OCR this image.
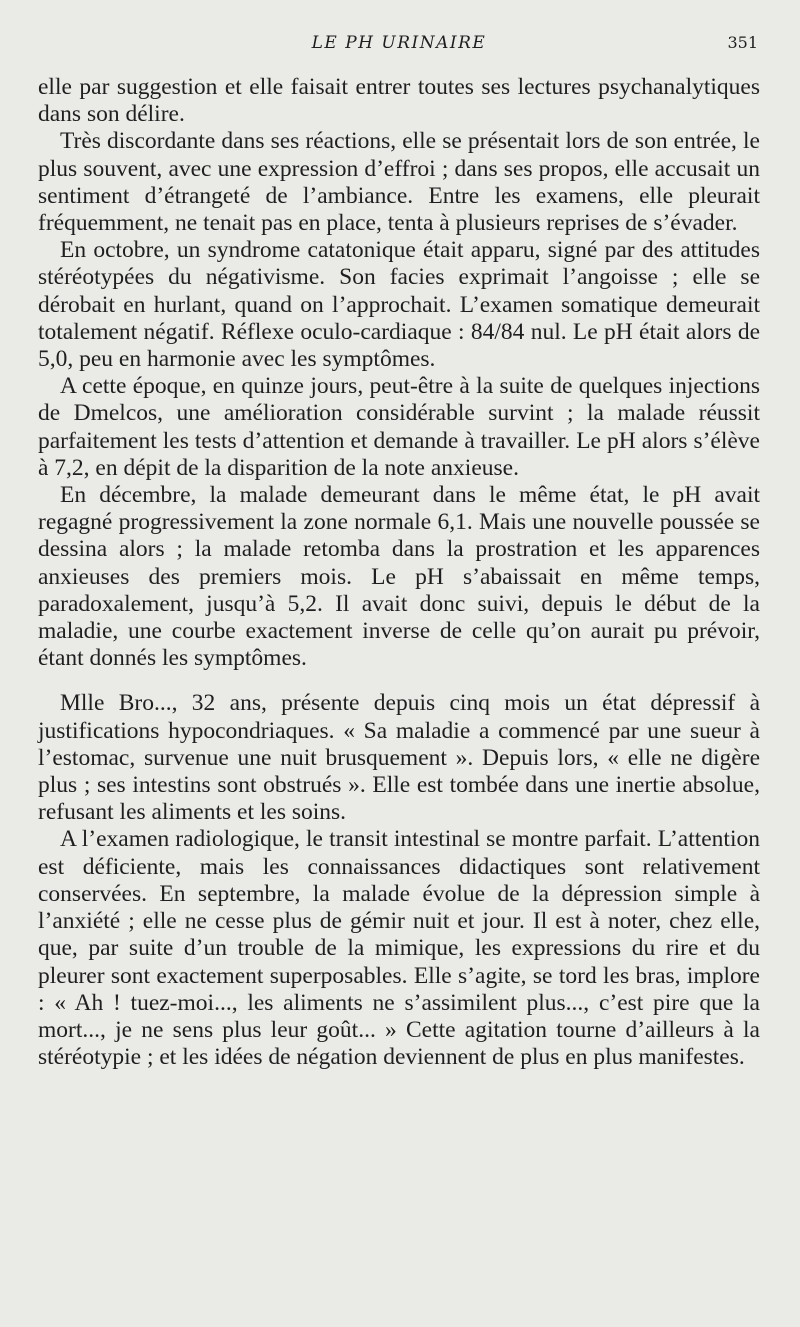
LE PH URINAIRE	351

elle par suggestion et elle faisait entrer toutes ses lectures psychanalytiques dans son délire.

Très discordante dans ses réactions, elle se présentait lors de son entrée, le plus souvent, avec une expression d’effroi ; dans ses propos, elle accusait un sentiment d’étrangeté de l’ambiance. Entre les examens, elle pleurait fréquemment, ne tenait pas en place, tenta à plusieurs reprises de s’évader.

En octobre, un syndrome catatonique était apparu, signé par des attitudes stéréotypées du négativisme. Son facies exprimait l’angoisse ; elle se dérobait en hurlant, quand on l’approchait. L’examen somatique demeurait totalement négatif. Réflexe oculo-cardiaque : 84/84 nul. Le pH était alors de 5,0, peu en harmonie avec les symptômes.

A cette époque, en quinze jours, peut-être à la suite de quelques injections de Dmelcos, une amélioration considérable survint ; la malade réussit parfaitement les tests d’attention et demande à travailler. Le pH alors s’élève à 7,2, en dépit de la disparition de la note anxieuse.

En décembre, la malade demeurant dans le même état, le pH avait regagné progressivement la zone normale 6,1. Mais une nouvelle poussée se dessina alors ; la malade retomba dans la prostration et les apparences anxieuses des premiers mois. Le pH s’abaissait en même temps, paradoxalement, jusqu’à 5,2. Il avait donc suivi, depuis le début de la maladie, une courbe exactement inverse de celle qu’on aurait pu prévoir, étant donnés les symptômes.

Mlle Bro..., 32 ans, présente depuis cinq mois un état dépressif à justifications hypocondriaques. « Sa maladie a commencé par une sueur à l’estomac, survenue une nuit brusquement ». Depuis lors, « elle ne digère plus ; ses intestins sont obstrués ». Elle est tombée dans une inertie absolue, refusant les aliments et les soins.

A l’examen radiologique, le transit intestinal se montre parfait. L’attention est déficiente, mais les connaissances didactiques sont relativement conservées. En septembre, la malade évolue de la dépression simple à l’anxiété ; elle ne cesse plus de gémir nuit et jour. Il est à noter, chez elle, que, par suite d’un trouble de la mimique, les expressions du rire et du pleurer sont exactement superposables. Elle s’agite, se tord les bras, implore : « Ah ! tuez-moi..., les aliments ne s’assimilent plus..., c’est pire que la mort..., je ne sens plus leur goût... » Cette agitation tourne d’ailleurs à la stéréotypie ; et les idées de négation deviennent de plus en plus manifestes.
